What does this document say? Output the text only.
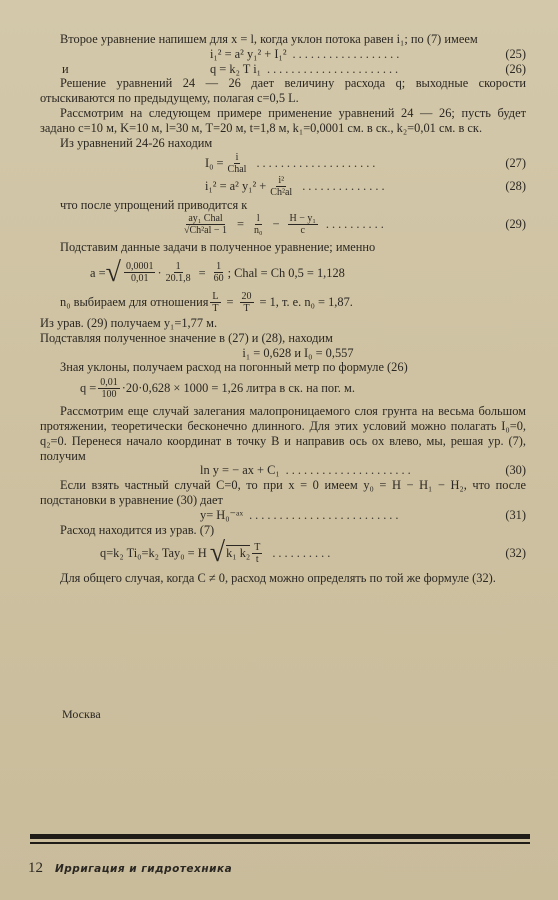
Второе уравнение напишем для x = l, когда уклон потока равен i₁; по (7) имеем

i₁² = a² y₁² + I₁² ..................	(25)
и	q = k₂ T i₁ ......................	(26)

Решение уравнений 24 — 26 дает величину расхода q; выходные скорости отыскиваются по предыдущему, полагая c=0,5 L.

Рассмотрим на следующем примере применение уравнений 24 — 26; пусть будет задано c=10 м, K=10 м, l=30 м, T=20 м, t=1,8 м, k₁=0,0001 см. в ск., k₂=0,01 см. в ск.

Из уравнений 24-26 находим

$I_0 = \frac{i}{\text{Chal}}$ ....................	(27)
i₁² = a² $y_1^2 + \frac{\text{i²}}{\text{Ch²al}}$ ..............	(28)

что после упрощений приводится к

$\frac{\text{ay₁ Chal}}{\text{√Ch²al − 1}} = \frac{l}{\text{n₀}} - \frac{\text{H − y₁}}{c}$ ..........	(29)

Подставим данные задачи в полученное уравнение; именно

a = √ $\frac{0,0001}{0,01} \cdot \frac{1}{20.1,8} = \frac{1}{60}$ ; Chal = Ch 0,5 = 1,128
n₀ выбираем для отношения $\frac{L}{T} = \frac{20}{T} = 1$, т. е. n₀ = 1,87.

Из урав. (29) получаем y₁=1,77 м.

Подставляя полученное значение в (27) и (28), находим

i₁ = 0,628 и I₀ = 0,557

Зная уклоны, получаем расход на погонный метр по формуле (26)

$q = \frac{0,01}{100} \cdot 20\cdot 0,628 \times 1000 = 1,26$ литра в ск. на пог. м.

Рассмотрим еще случай залегания малопроницаемого слоя грунта на весьма большом протяжении, теоретически бесконечно длинного. Для этих условий можно полагать I₀=0, q₂=0. Перенеся начало координат в точку B и направив ось ox влево, мы, решая ур. (7), получим

ln y = − ax + C₁ .....................	(30)

Если взять частный случай C=0, то при x = 0 имеем y₀ = H − H₁ − H₂, что после подстановки в уравнение (30) дает

y= H₀⁻ᵃˣ .........................	(31)

Расход находится из урав. (7)

q=k₂ Ti₀=k₂ Tay₀ = H √ k₁ $k_2 \frac{T}{t}$ ..........	(32)

Для общего случая, когда C ≠ 0, расход можно определять по той же формуле (32).

Москва
12 Ирригация и гидротехника
